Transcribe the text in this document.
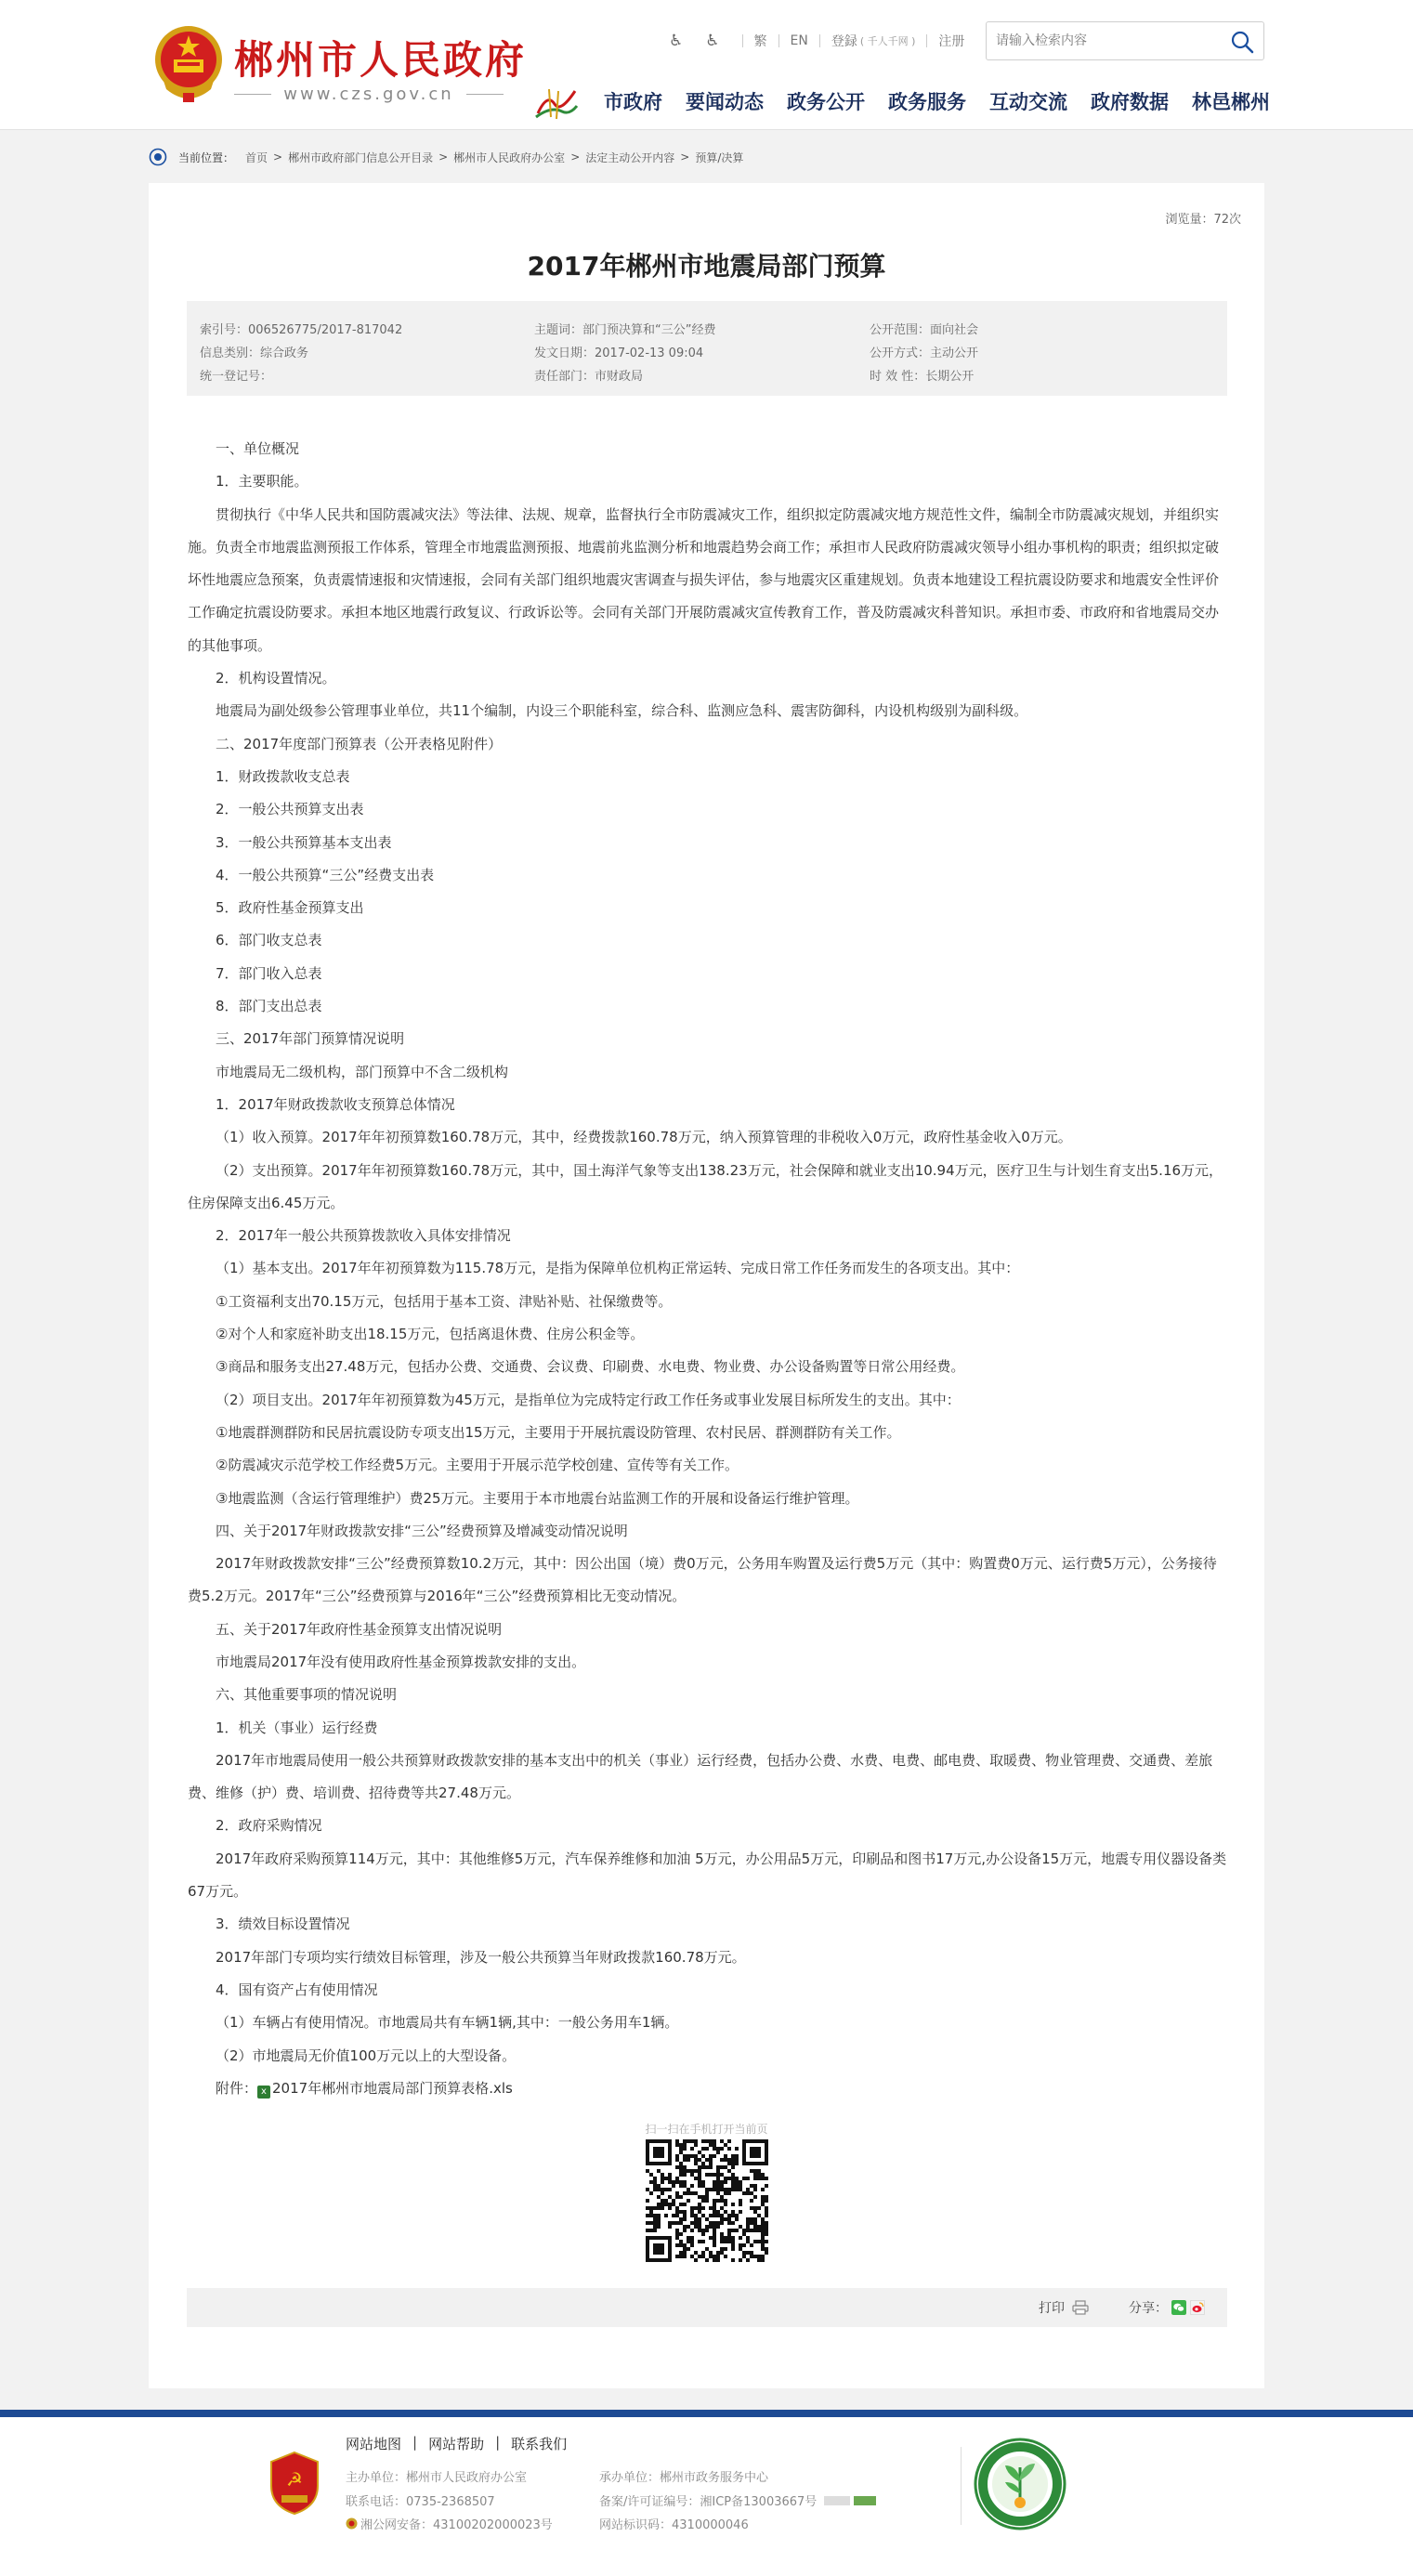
郴州市人民政府
www.czs.gov.cn
♿︎ ♿	繁 EN 登録 ( 千人千网 ) 注册
请输入检索内容
市政府 要闻动态 政务公开 政务服务 互动交流 政府数据 林邑郴州
当前位置： 首页 > 郴州市政府部门信息公开目录 > 郴州市人民政府办公室 > 法定主动公开内容 > 预算/决算
浏览量：72次
2017年郴州市地震局部门预算
索引号：006526775/2017-817042	主题词：部门预决算和“三公”经费	公开范围：面向社会
信息类别：综合政务	发文日期：2017-02-13 09:04	公开方式：主动公开
统一登记号：	责任部门：市财政局	时 效 性：长期公开

一、单位概况

1．主要职能。

贯彻执行《中华人民共和国防震减灾法》等法律、法规、规章，监督执行全市防震减灾工作，组织拟定防震减灾地方规范性文件，编制全市防震减灾规划，并组织实施。负责全市地震监测预报工作体系，管理全市地震监测预报、地震前兆监测分析和地震趋势会商工作；承担市人民政府防震减灾领导小组办事机构的职责；组织拟定破坏性地震应急预案，负责震情速报和灾情速报，会同有关部门组织地震灾害调查与损失评估，参与地震灾区重建规划。负责本地建设工程抗震设防要求和地震安全性评价工作确定抗震设防要求。承担本地区地震行政复议、行政诉讼等。会同有关部门开展防震减灾宣传教育工作，普及防震减灾科普知识。承担市委、市政府和省地震局交办的其他事项。

2．机构设置情况。

地震局为副处级参公管理事业单位，共11个编制，内设三个职能科室，综合科、监测应急科、震害防御科，内设机构级别为副科级。

二、2017年度部门预算表（公开表格见附件）

1．财政拨款收支总表

2．一般公共预算支出表

3．一般公共预算基本支出表

4．一般公共预算“三公”经费支出表

5．政府性基金预算支出

6．部门收支总表

7．部门收入总表

8．部门支出总表

三、2017年部门预算情况说明

市地震局无二级机构，部门预算中不含二级机构

1．2017年财政拨款收支预算总体情况

（1）收入预算。2017年年初预算数160.78万元，其中，经费拨款160.78万元，纳入预算管理的非税收入0万元，政府性基金收入0万元。

（2）支出预算。2017年年初预算数160.78万元，其中，国土海洋气象等支出138.23万元，社会保障和就业支出10.94万元，医疗卫生与计划生育支出5.16万元，住房保障支出6.45万元。

2．2017年一般公共预算拨款收入具体安排情况

（1）基本支出。2017年年初预算数为115.78万元，是指为保障单位机构正常运转、完成日常工作任务而发生的各项支出。其中：

①工资福利支出70.15万元，包括用于基本工资、津贴补贴、社保缴费等。

②对个人和家庭补助支出18.15万元，包括离退休费、住房公积金等。

③商品和服务支出27.48万元，包括办公费、交通费、会议费、印刷费、水电费、物业费、办公设备购置等日常公用经费。

（2）项目支出。2017年年初预算数为45万元，是指单位为完成特定行政工作任务或事业发展目标所发生的支出。其中：

①地震群测群防和民居抗震设防专项支出15万元，主要用于开展抗震设防管理、农村民居、群测群防有关工作。

②防震减灾示范学校工作经费5万元。主要用于开展示范学校创建、宣传等有关工作。

③地震监测（含运行管理维护）费25万元。主要用于本市地震台站监测工作的开展和设备运行维护管理。

四、关于2017年财政拨款安排“三公”经费预算及增减变动情况说明

2017年财政拨款安排“三公”经费预算数10.2万元，其中：因公出国（境）费0万元，公务用车购置及运行费5万元（其中：购置费0万元、运行费5万元），公务接待费5.2万元。2017年“三公”经费预算与2016年“三公”经费预算相比无变动情况。

五、关于2017年政府性基金预算支出情况说明

市地震局2017年没有使用政府性基金预算拨款安排的支出。

六、其他重要事项的情况说明

1．机关（事业）运行经费

2017年市地震局使用一般公共预算财政拨款安排的基本支出中的机关（事业）运行经费，包括办公费、水费、电费、邮电费、取暖费、物业管理费、交通费、差旅费、维修（护）费、培训费、招待费等共27.48万元。

2．政府采购情况

2017年政府采购预算114万元，其中：其他维修5万元，汽车保养维修和加油 5万元，办公用品5万元，印刷品和图书17万元,办公设备15万元，地震专用仪器设备类67万元。

3．绩效目标设置情况

2017年部门专项均实行绩效目标管理，涉及一般公共预算当年财政拨款160.78万元。

4．国有资产占有使用情况

（1）车辆占有使用情况。市地震局共有车辆1辆,其中：一般公务用车1辆。

（2）市地震局无价值100万元以上的大型设备。

附件： x 2017年郴州市地震局部门预算表格.xls
扫一扫在手机打开当前页
打印	分享：
☭
网站地图 | 网站帮助 | 联系我们
主办单位：郴州市人民政府办公室
联系电话：0735-2368507
湘公网安备：43100202000023号
承办单位：郴州市政务服务中心
备案/许可证编号：湘ICP备13003667号
网站标识码：4310000046
